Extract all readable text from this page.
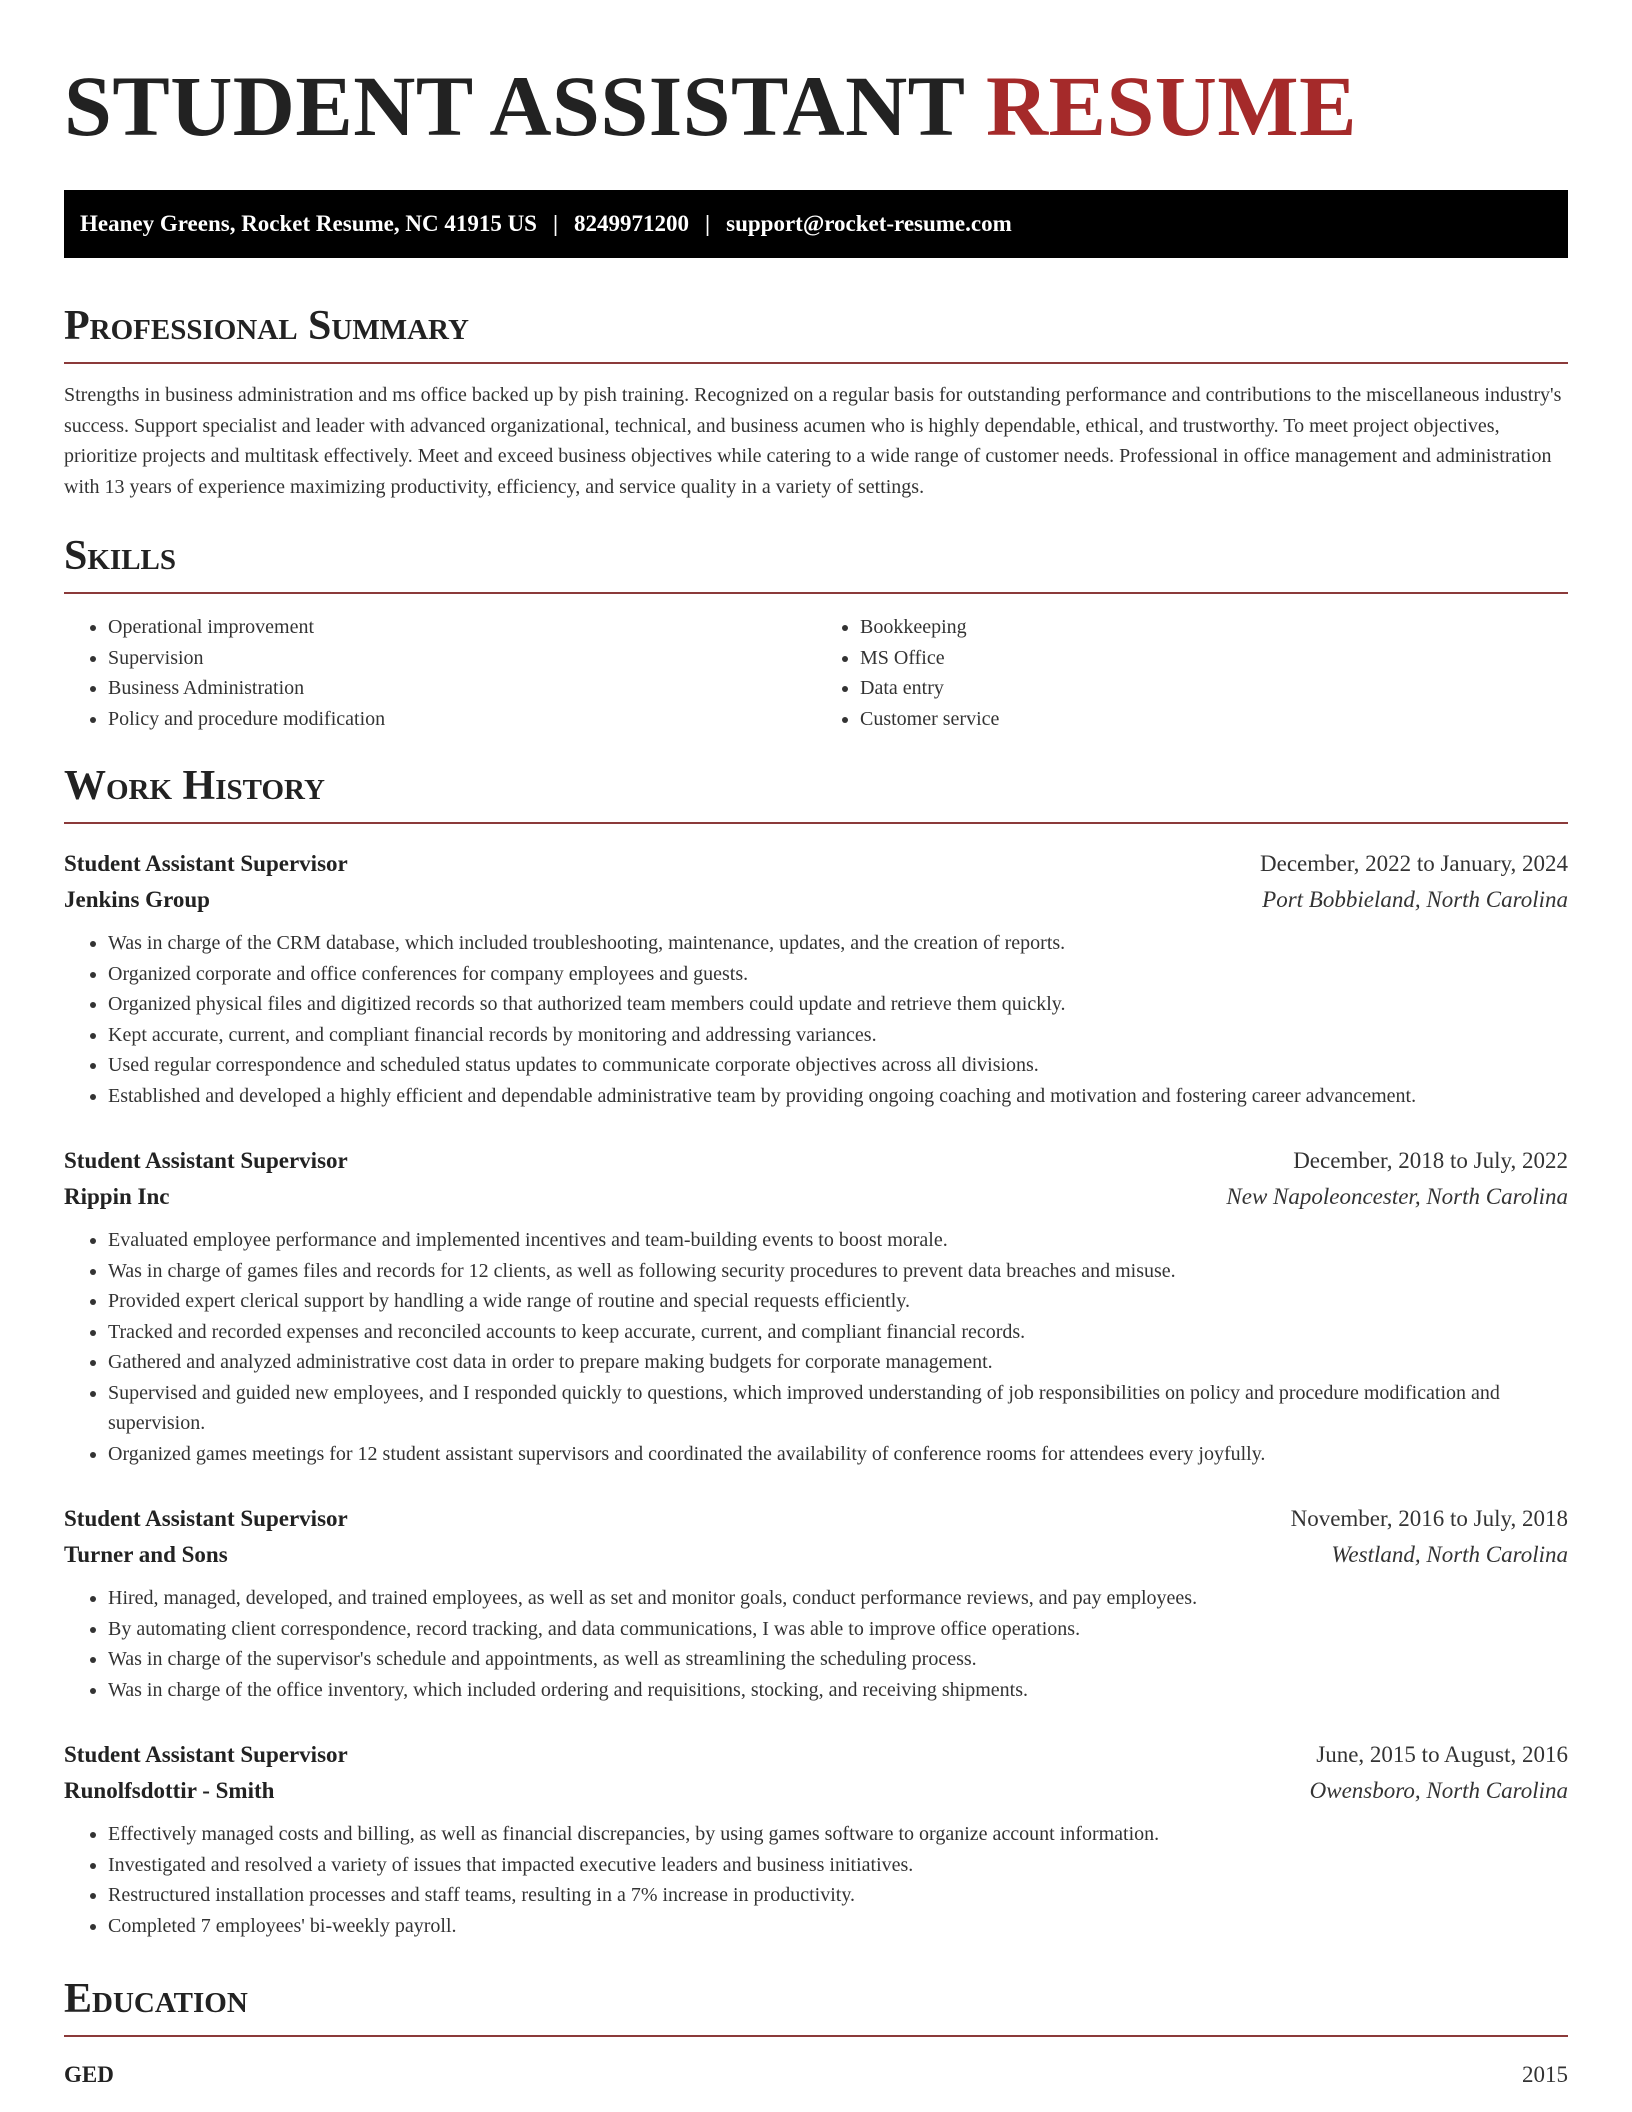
STUDENT ASSISTANT RESUME
Heaney Greens, Rocket Resume, NC 41915 US | 8249971200 | support@rocket-resume.com
Professional Summary

Strengths in business administration and ms office backed up by pish training. Recognized on a regular basis for outstanding performance and contributions to the miscellaneous industry's success. Support specialist and leader with advanced organizational, technical, and business acumen who is highly dependable, ethical, and trustworthy. To meet project objectives, prioritize projects and multitask effectively. Meet and exceed business objectives while catering to a wide range of customer needs. Professional in office management and administration with 13 years of experience maximizing productivity, efficiency, and service quality in a variety of settings.

Skills
• Operational improvement
• Supervision
• Business Administration
• Policy and procedure modification
• Bookkeeping
• MS Office
• Data entry
• Customer service
Work History
Student Assistant Supervisor	December, 2022 to January, 2024
Jenkins Group	Port Bobbieland, North Carolina
• Was in charge of the CRM database, which included troubleshooting, maintenance, updates, and the creation of reports.
• Organized corporate and office conferences for company employees and guests.
• Organized physical files and digitized records so that authorized team members could update and retrieve them quickly.
• Kept accurate, current, and compliant financial records by monitoring and addressing variances.
• Used regular correspondence and scheduled status updates to communicate corporate objectives across all divisions.
• Established and developed a highly efficient and dependable administrative team by providing ongoing coaching and motivation and fostering career advancement.
Student Assistant Supervisor	December, 2018 to July, 2022
Rippin Inc	New Napoleoncester, North Carolina
• Evaluated employee performance and implemented incentives and team-building events to boost morale.
• Was in charge of games files and records for 12 clients, as well as following security procedures to prevent data breaches and misuse.
• Provided expert clerical support by handling a wide range of routine and special requests efficiently.
• Tracked and recorded expenses and reconciled accounts to keep accurate, current, and compliant financial records.
• Gathered and analyzed administrative cost data in order to prepare making budgets for corporate management.
• Supervised and guided new employees, and I responded quickly to questions, which improved understanding of job responsibilities on policy and procedure modification and supervision.
• Organized games meetings for 12 student assistant supervisors and coordinated the availability of conference rooms for attendees every joyfully.
Student Assistant Supervisor	November, 2016 to July, 2018
Turner and Sons	Westland, North Carolina
• Hired, managed, developed, and trained employees, as well as set and monitor goals, conduct performance reviews, and pay employees.
• By automating client correspondence, record tracking, and data communications, I was able to improve office operations.
• Was in charge of the supervisor's schedule and appointments, as well as streamlining the scheduling process.
• Was in charge of the office inventory, which included ordering and requisitions, stocking, and receiving shipments.
Student Assistant Supervisor	June, 2015 to August, 2016
Runolfsdottir - Smith	Owensboro, North Carolina
• Effectively managed costs and billing, as well as financial discrepancies, by using games software to organize account information.
• Investigated and resolved a variety of issues that impacted executive leaders and business initiatives.
• Restructured installation processes and staff teams, resulting in a 7% increase in productivity.
• Completed 7 employees' bi-weekly payroll.
Education
GED	2015
